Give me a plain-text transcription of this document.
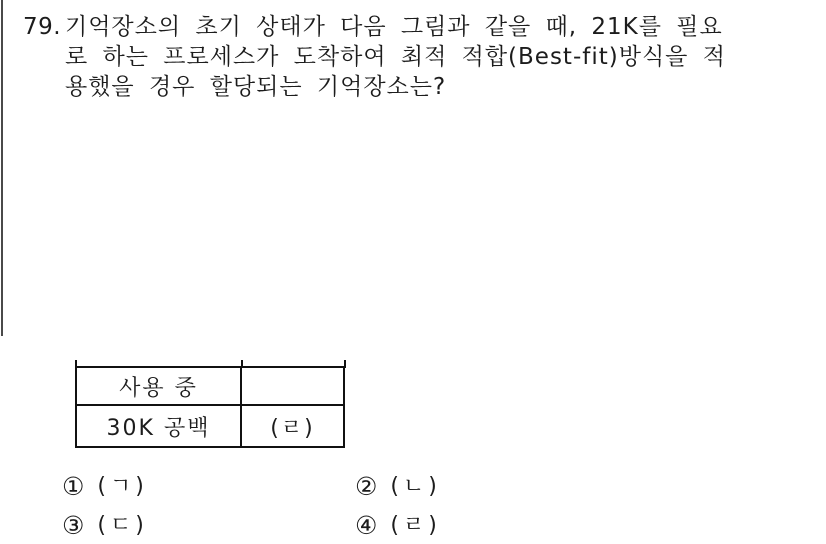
79. 기억장소의 초기 상태가 다음 그림과 같을 때, 21K를 필요
로 하는 프로세스가 도착하여 최적 적합(Best-fit)방식을 적
용했을 경우 할당되는 기억장소는?
사용 중	
30K 공백	(ㄹ)
① (ㄱ)	② (ㄴ)
③ (ㄷ)	④ (ㄹ)
